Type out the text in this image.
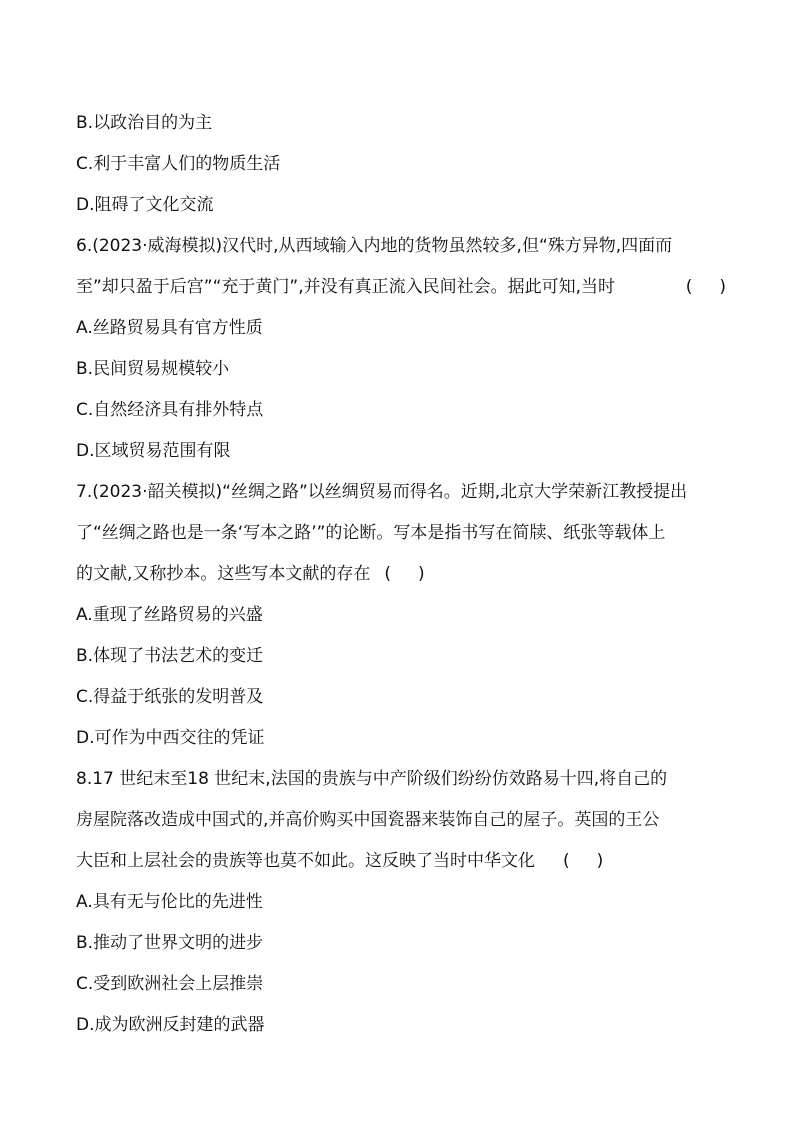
B.以政治目的为主
C.利于丰富人们的物质生活
D.阻碍了文化交流
6.(2023·威海模拟)汉代时,从西域输入内地的货物虽然较多,但“殊方异物,四面而
至”却只盈于后宫”“充于黄门”,并没有真正流入民间社会。据此可知,当时	(     )
A.丝路贸易具有官方性质
B.民间贸易规模较小
C.自然经济具有排外特点
D.区域贸易范围有限
7.(2023·韶关模拟)“丝绸之路”以丝绸贸易而得名。近期,北京大学荣新江教授提出
了“丝绸之路也是一条‘写本之路’”的论断。写本是指书写在简牍、纸张等载体上
的文献,又称抄本。这些写本文献的存在 (     )
A.重现了丝路贸易的兴盛
B.体现了书法艺术的变迁
C.得益于纸张的发明普及
D.可作为中西交往的凭证
8.17 世纪末至18 世纪末,法国的贵族与中产阶级们纷纷仿效路易十四,将自己的
房屋院落改造成中国式的,并高价购买中国瓷器来装饰自己的屋子。英国的王公
大臣和上层社会的贵族等也莫不如此。这反映了当时中华文化 (     )
A.具有无与伦比的先进性
B.推动了世界文明的进步
C.受到欧洲社会上层推崇
D.成为欧洲反封建的武器
